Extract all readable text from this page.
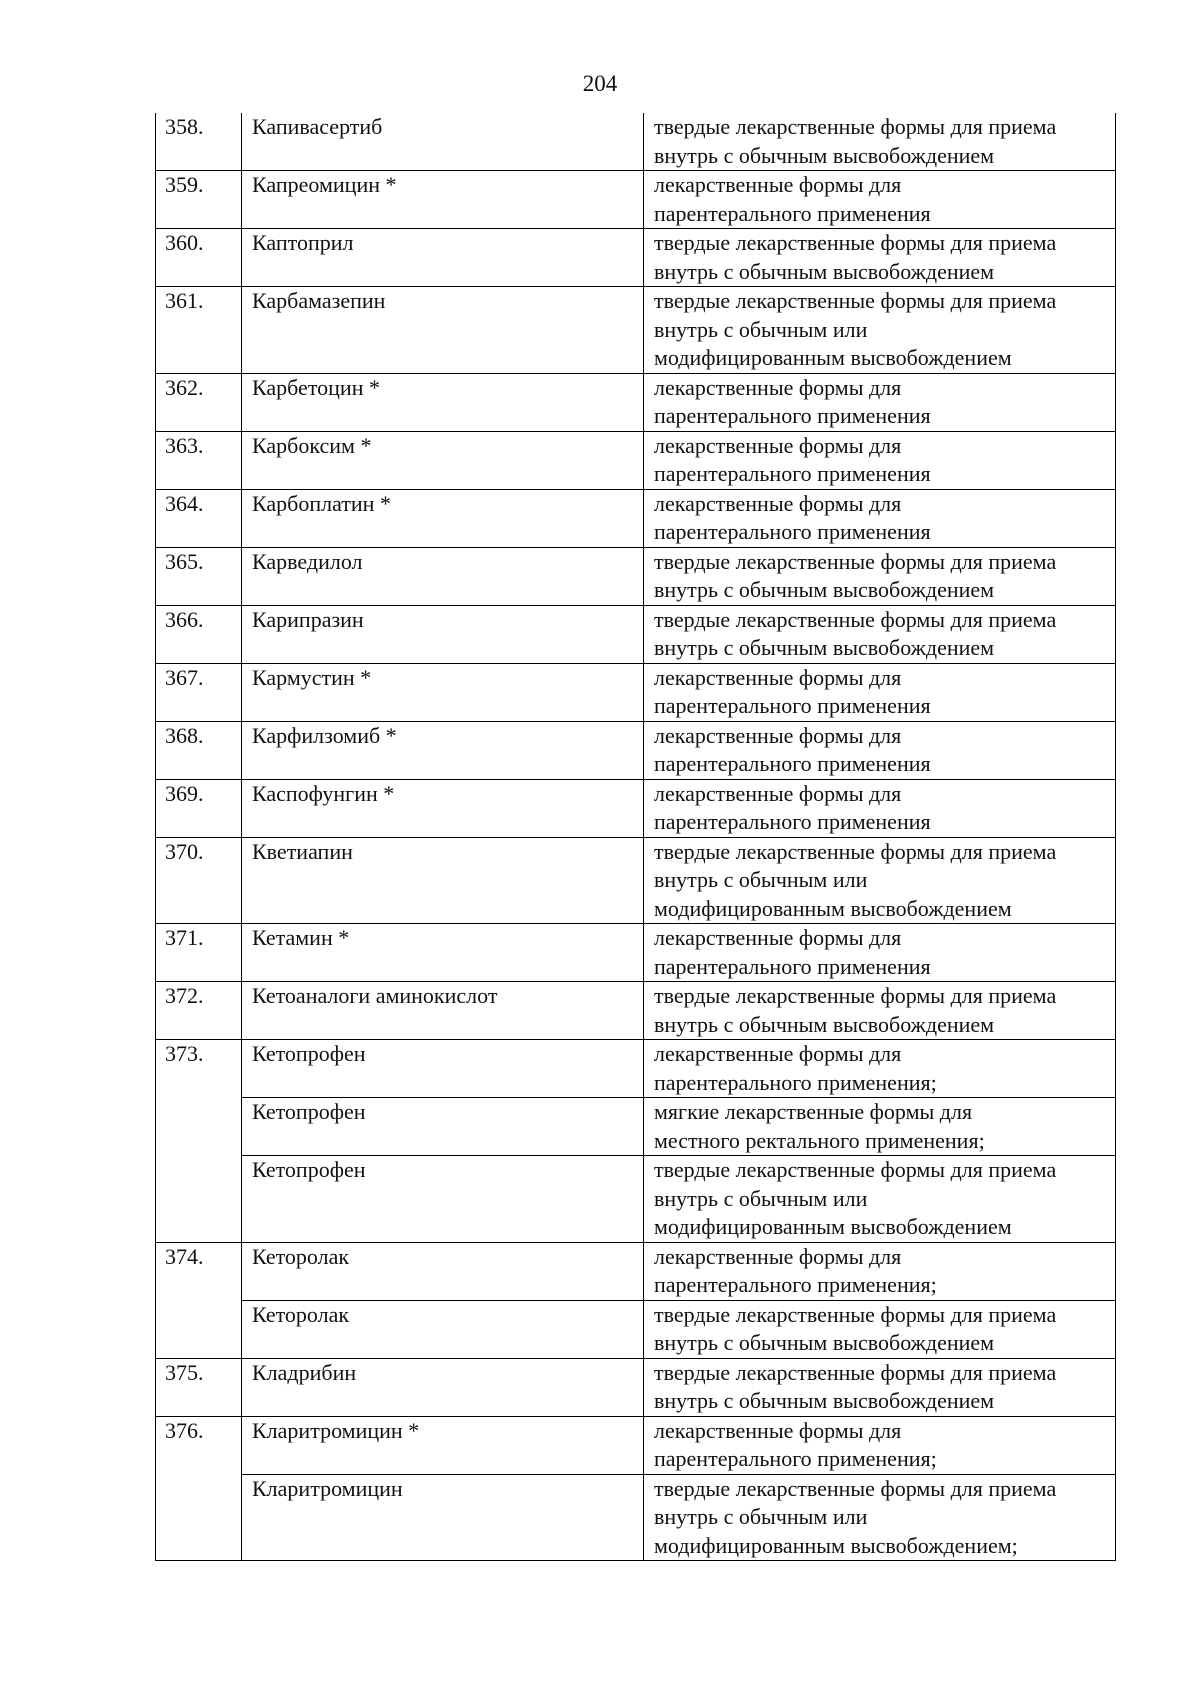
204
358.	Капивасертиб	твердые лекарственные формы для приема
внутрь с обычным высвобождением

359.	Капреомицин *	лекарственные формы для
парентерального применения

360.	Каптоприл	твердые лекарственные формы для приема
внутрь с обычным высвобождением

361.	Карбамазепин	твердые лекарственные формы для приема
внутрь с обычным или
модифицированным высвобождением

362.	Карбетоцин *	лекарственные формы для
парентерального применения

363.	Карбоксим *	лекарственные формы для
парентерального применения

364.	Карбоплатин *	лекарственные формы для
парентерального применения

365.	Карведилол	твердые лекарственные формы для приема
внутрь с обычным высвобождением

366.	Карипразин	твердые лекарственные формы для приема
внутрь с обычным высвобождением

367.	Кармустин *	лекарственные формы для
парентерального применения

368.	Карфилзомиб *	лекарственные формы для
парентерального применения

369.	Каспофунгин *	лекарственные формы для
парентерального применения

370.	Кветиапин	твердые лекарственные формы для приема
внутрь с обычным или
модифицированным высвобождением

371.	Кетамин *	лекарственные формы для
парентерального применения

372.	Кетоаналоги аминокислот	твердые лекарственные формы для приема
внутрь с обычным высвобождением

373.	Кетопрофен	лекарственные формы для
парентерального применения;

	Кетопрофен	мягкие лекарственные формы для
местного ректального применения;

	Кетопрофен	твердые лекарственные формы для приема
внутрь с обычным или
модифицированным высвобождением

374.	Кеторолак	лекарственные формы для
парентерального применения;

	Кеторолак	твердые лекарственные формы для приема
внутрь с обычным высвобождением

375.	Кладрибин	твердые лекарственные формы для приема
внутрь с обычным высвобождением

376.	Кларитромицин *	лекарственные формы для
парентерального применения;

	Кларитромицин	твердые лекарственные формы для приема
внутрь с обычным или
модифицированным высвобождением;
